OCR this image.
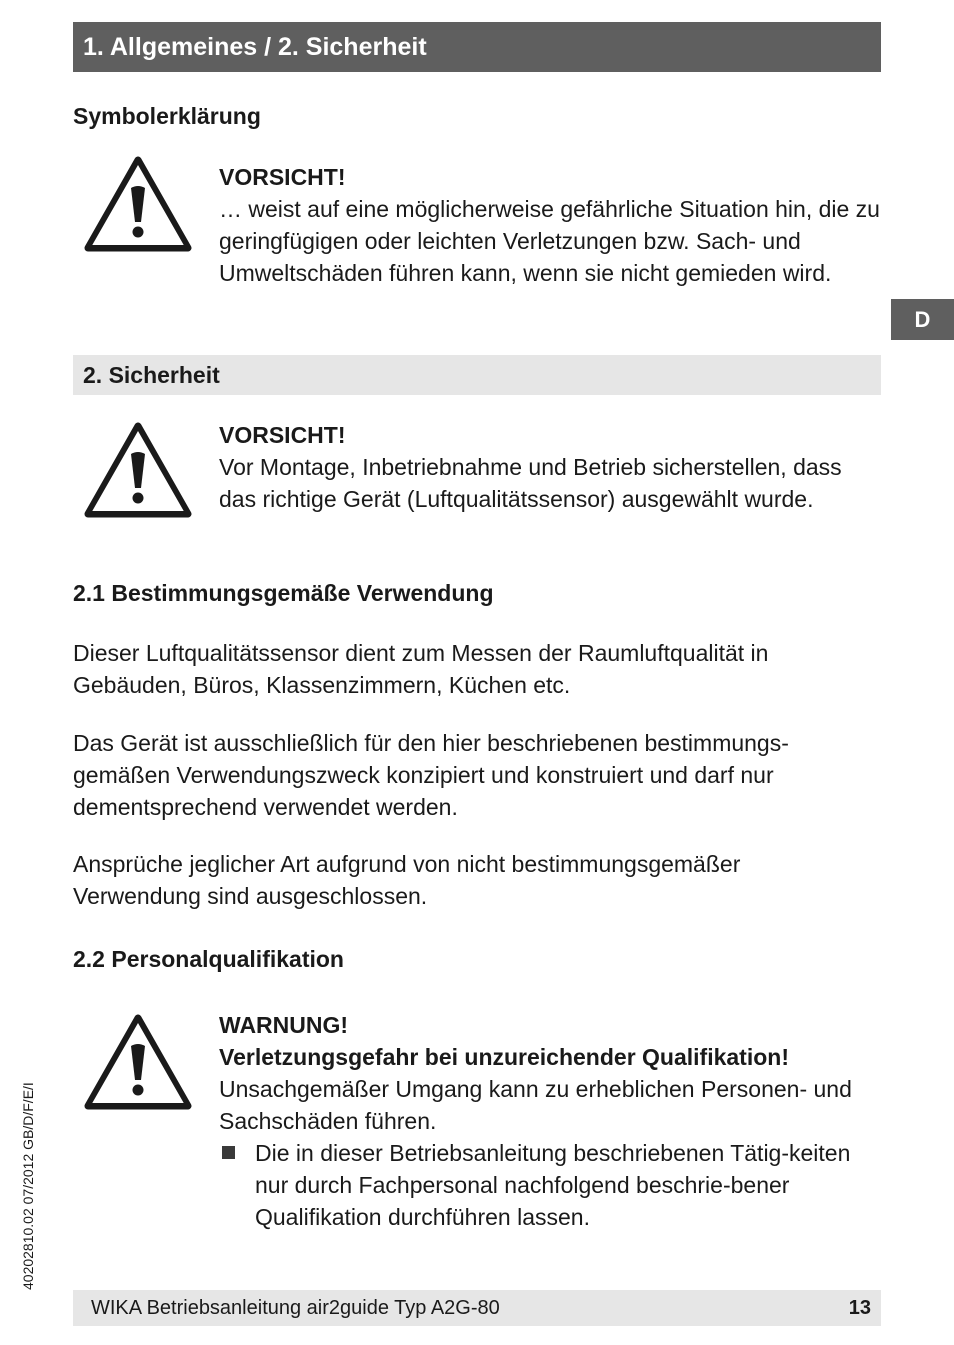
1. Allgemeines / 2. Sicherheit
D
Symbolerklärung
VORSICHT!
… weist auf eine möglicherweise gefährliche Situation hin, die zu geringfügigen oder leichten Verletzungen bzw. Sach- und Umweltschäden führen kann, wenn sie nicht gemieden wird.
2. Sicherheit
VORSICHT!
Vor Montage, Inbetriebnahme und Betrieb sicherstellen, dass das richtige Gerät (Luftqualitätssensor) ausgewählt wurde.
2.1 Bestimmungsgemäße Verwendung
Dieser Luftqualitätssensor dient zum Messen der Raumluftqualität in Gebäuden, Büros, Klassenzimmern, Küchen etc.
Das Gerät ist ausschließlich für den hier beschriebenen bestimmungs-gemäßen Verwendungszweck konzipiert und konstruiert und darf nur dementsprechend verwendet werden.
Ansprüche jeglicher Art aufgrund von nicht bestimmungsgemäßer Verwendung sind ausgeschlossen.
2.2 Personalqualifikation
WARNUNG!
Verletzungsgefahr bei unzureichender Qualifikation!
Unsachgemäßer Umgang kann zu erheblichen Personen- und Sachschäden führen.
Die in dieser Betriebsanleitung beschriebenen Tätig-keiten nur durch Fachpersonal nachfolgend beschrie-bener Qualifikation durchführen lassen.
40202810.02 07/2012 GB/D/F/E/I
WIKA Betriebsanleitung air2guide Typ A2G-80	13
